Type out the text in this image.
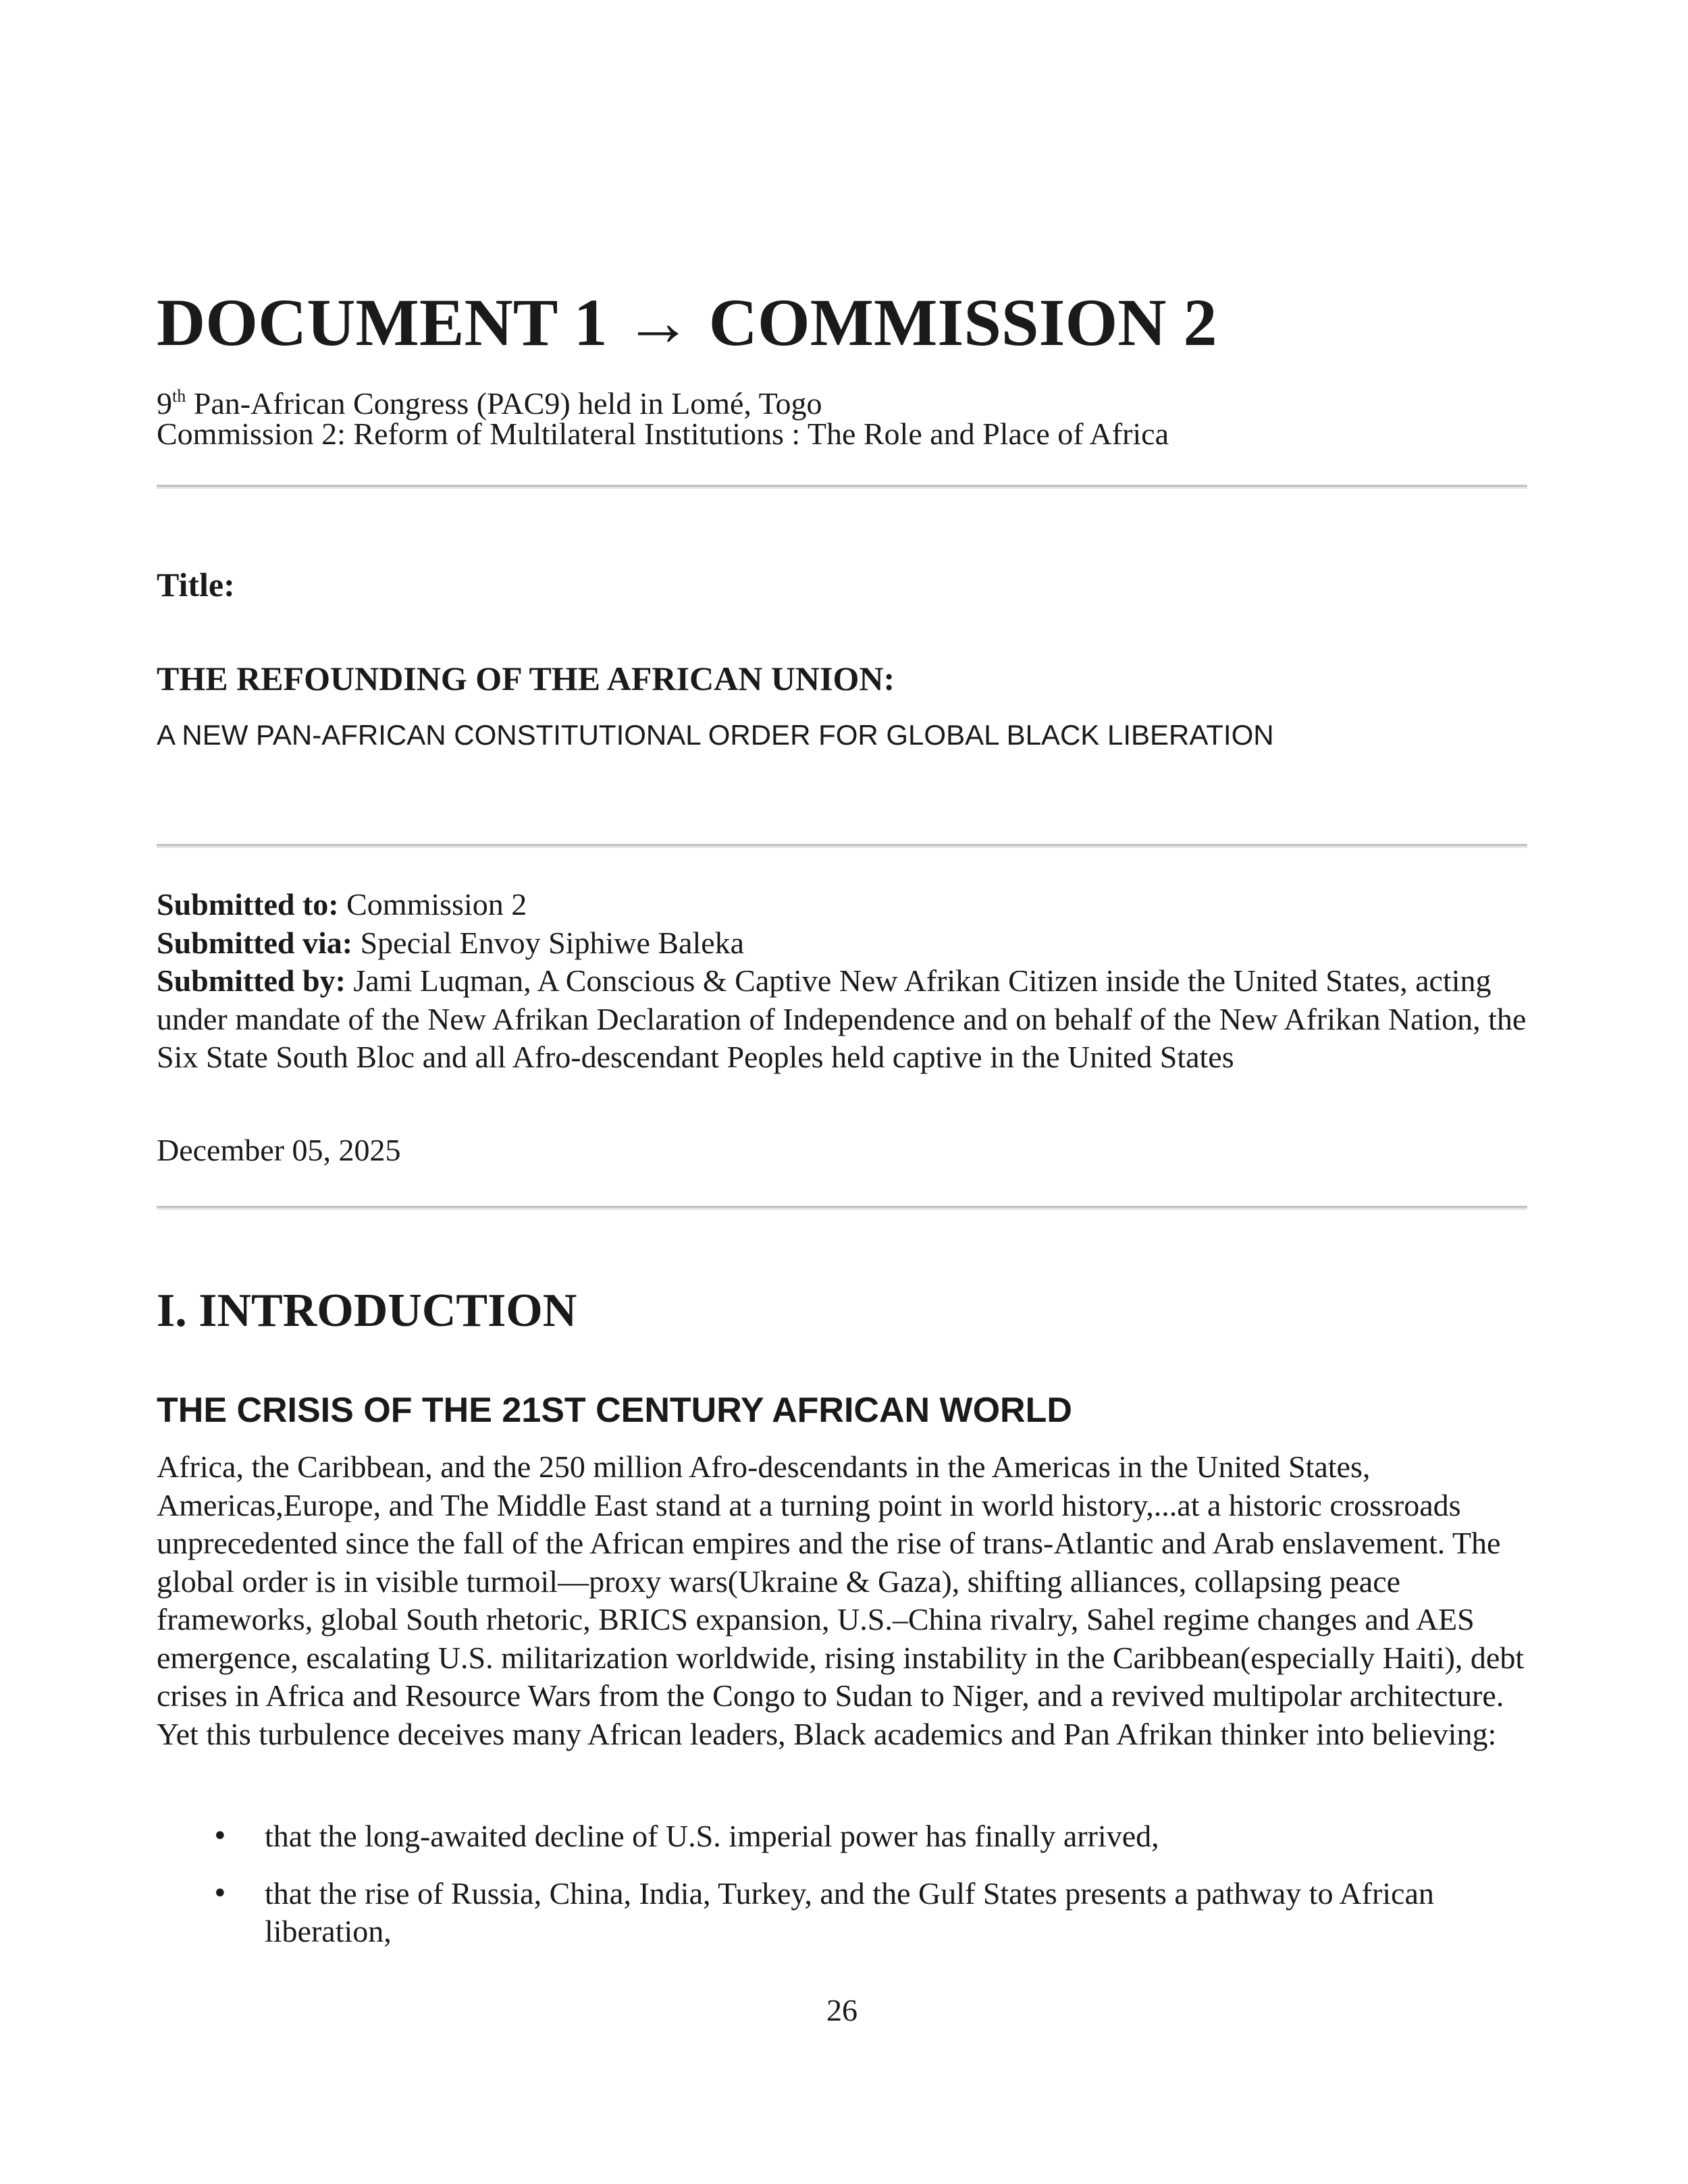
DOCUMENT 1 → COMMISSION 2
9th Pan-African Congress (PAC9) held in Lomé, Togo
Commission 2: Reform of Multilateral Institutions : The Role and Place of Africa
Title:
THE REFOUNDING OF THE AFRICAN UNION:
A NEW PAN-AFRICAN CONSTITUTIONAL ORDER FOR GLOBAL BLACK LIBERATION
Submitted to: Commission 2
Submitted via: Special Envoy Siphiwe Baleka
Submitted by: Jami Luqman, A Conscious & Captive New Afrikan Citizen inside the United States, acting under mandate of the New Afrikan Declaration of Independence and on behalf of the New Afrikan Nation, the Six State South Bloc and all Afro-descendant Peoples held captive in the United States
December 05, 2025
I. INTRODUCTION
THE CRISIS OF THE 21ST CENTURY AFRICAN WORLD

Africa, the Caribbean, and the 250 million Afro-descendants in the Americas in the United States, Americas,Europe, and The Middle East stand at a turning point in world history,...at a historic crossroads unprecedented since the fall of the African empires and the rise of trans-Atlantic and Arab enslavement. The global order is in visible turmoil—proxy wars(Ukraine & Gaza), shifting alliances, collapsing peace frameworks, global South rhetoric, BRICS expansion, U.S.–China rivalry, Sahel regime changes and AES emergence, escalating U.S. militarization worldwide, rising instability in the Caribbean(especially Haiti), debt crises in Africa and Resource Wars from the Congo to Sudan to Niger, and a revived multipolar architecture. Yet this turbulence deceives many African leaders, Black academics and Pan Afrikan thinker into believing:

• that the long-awaited decline of U.S. imperial power has finally arrived,
• that the rise of Russia, China, India, Turkey, and the Gulf States presents a pathway to African liberation,
26
